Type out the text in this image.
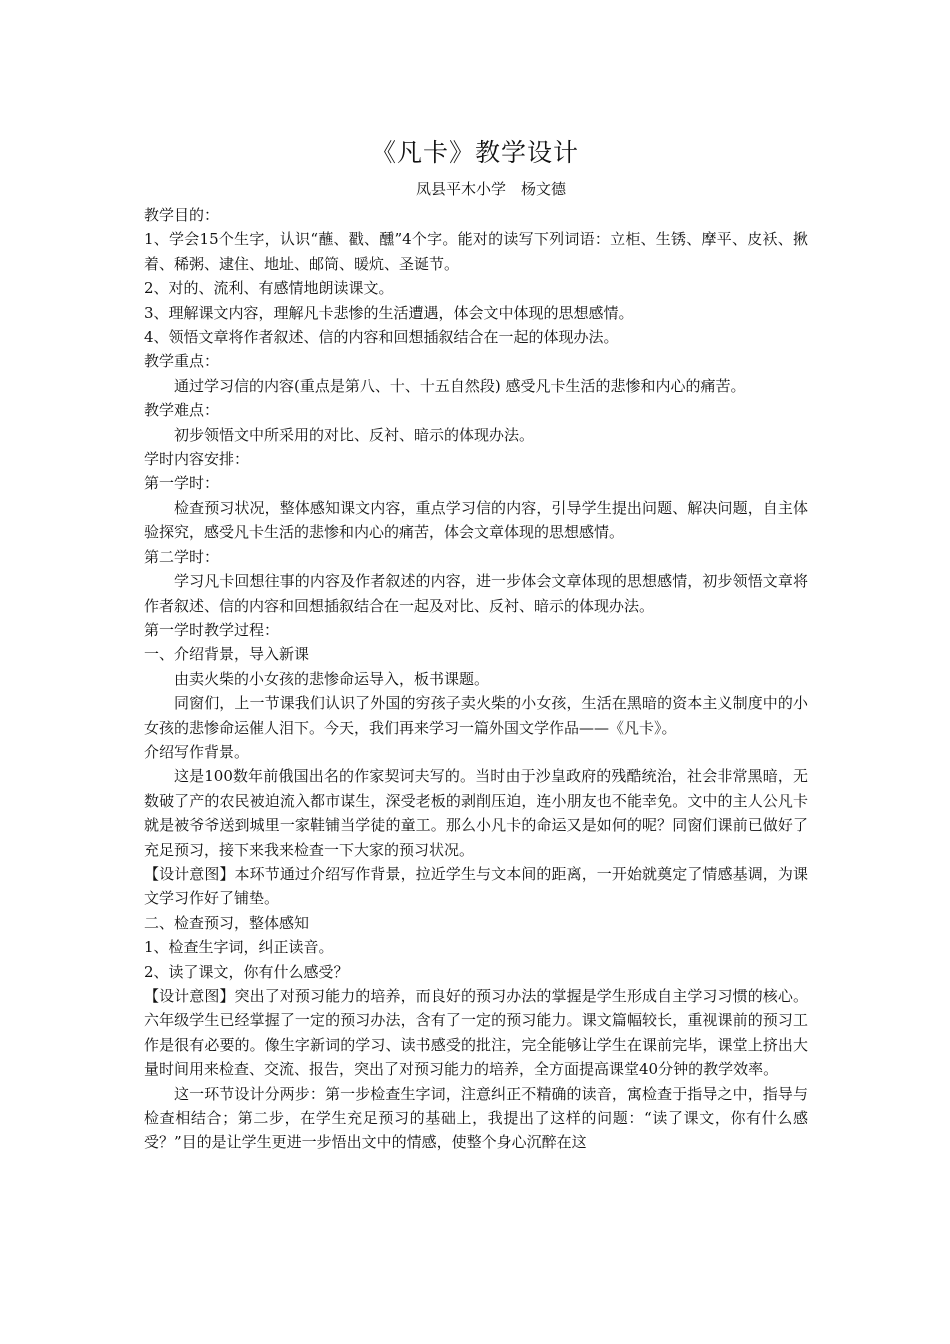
《凡卡》教学设计
凤县平木小学　杨文德

教学目的：

1、学会15个生字，认识“蘸、戳、醺”4个字。能对的读写下列词语：立柜、生锈、摩平、皮袄、揪着、稀粥、逮住、地址、邮筒、暖炕、圣诞节。

2、对的、流利、有感情地朗读课文。

3、理解课文内容，理解凡卡悲惨的生活遭遇，体会文中体现的思想感情。

4、领悟文章将作者叙述、信的内容和回想插叙结合在一起的体现办法。

教学重点：

通过学习信的内容(重点是第八、十、十五自然段) 感受凡卡生活的悲惨和内心的痛苦。

教学难点：

初步领悟文中所采用的对比、反衬、暗示的体现办法。

学时内容安排：

第一学时：

检查预习状况，整体感知课文内容，重点学习信的内容，引导学生提出问题、解决问题，自主体验探究，感受凡卡生活的悲惨和内心的痛苦，体会文章体现的思想感情。

第二学时：

学习凡卡回想往事的内容及作者叙述的内容，进一步体会文章体现的思想感情，初步领悟文章将作者叙述、信的内容和回想插叙结合在一起及对比、反衬、暗示的体现办法。

第一学时教学过程：

一、介绍背景，导入新课

由卖火柴的小女孩的悲惨命运导入，板书课题。

同窗们，上一节课我们认识了外国的穷孩子卖火柴的小女孩，生活在黑暗的资本主义制度中的小女孩的悲惨命运催人泪下。今天，我们再来学习一篇外国文学作品——《凡卡》。

介绍写作背景。

这是100数年前俄国出名的作家契诃夫写的。当时由于沙皇政府的残酷统治，社会非常黑暗，无数破了产的农民被迫流入都市谋生，深受老板的剥削压迫，连小朋友也不能幸免。文中的主人公凡卡就是被爷爷送到城里一家鞋铺当学徒的童工。那么小凡卡的命运又是如何的呢？同窗们课前已做好了充足预习，接下来我来检查一下大家的预习状况。

【设计意图】本环节通过介绍写作背景，拉近学生与文本间的距离，一开始就奠定了情感基调，为课文学习作好了铺垫。

二、检查预习，整体感知

1、检查生字词，纠正读音。

2、读了课文，你有什么感受？

【设计意图】突出了对预习能力的培养，而良好的预习办法的掌握是学生形成自主学习习惯的核心。六年级学生已经掌握了一定的预习办法，含有了一定的预习能力。课文篇幅较长，重视课前的预习工作是很有必要的。像生字新词的学习、读书感受的批注，完全能够让学生在课前完毕，课堂上挤出大量时间用来检查、交流、报告，突出了对预习能力的培养，全方面提高课堂40分钟的教学效率。

这一环节设计分两步：第一步检查生字词，注意纠正不精确的读音，寓检查于指导之中，指导与检查相结合；第二步，在学生充足预习的基础上，我提出了这样的问题：“读了课文，你有什么感受？”目的是让学生更进一步悟出文中的情感，使整个身心沉醉在这
